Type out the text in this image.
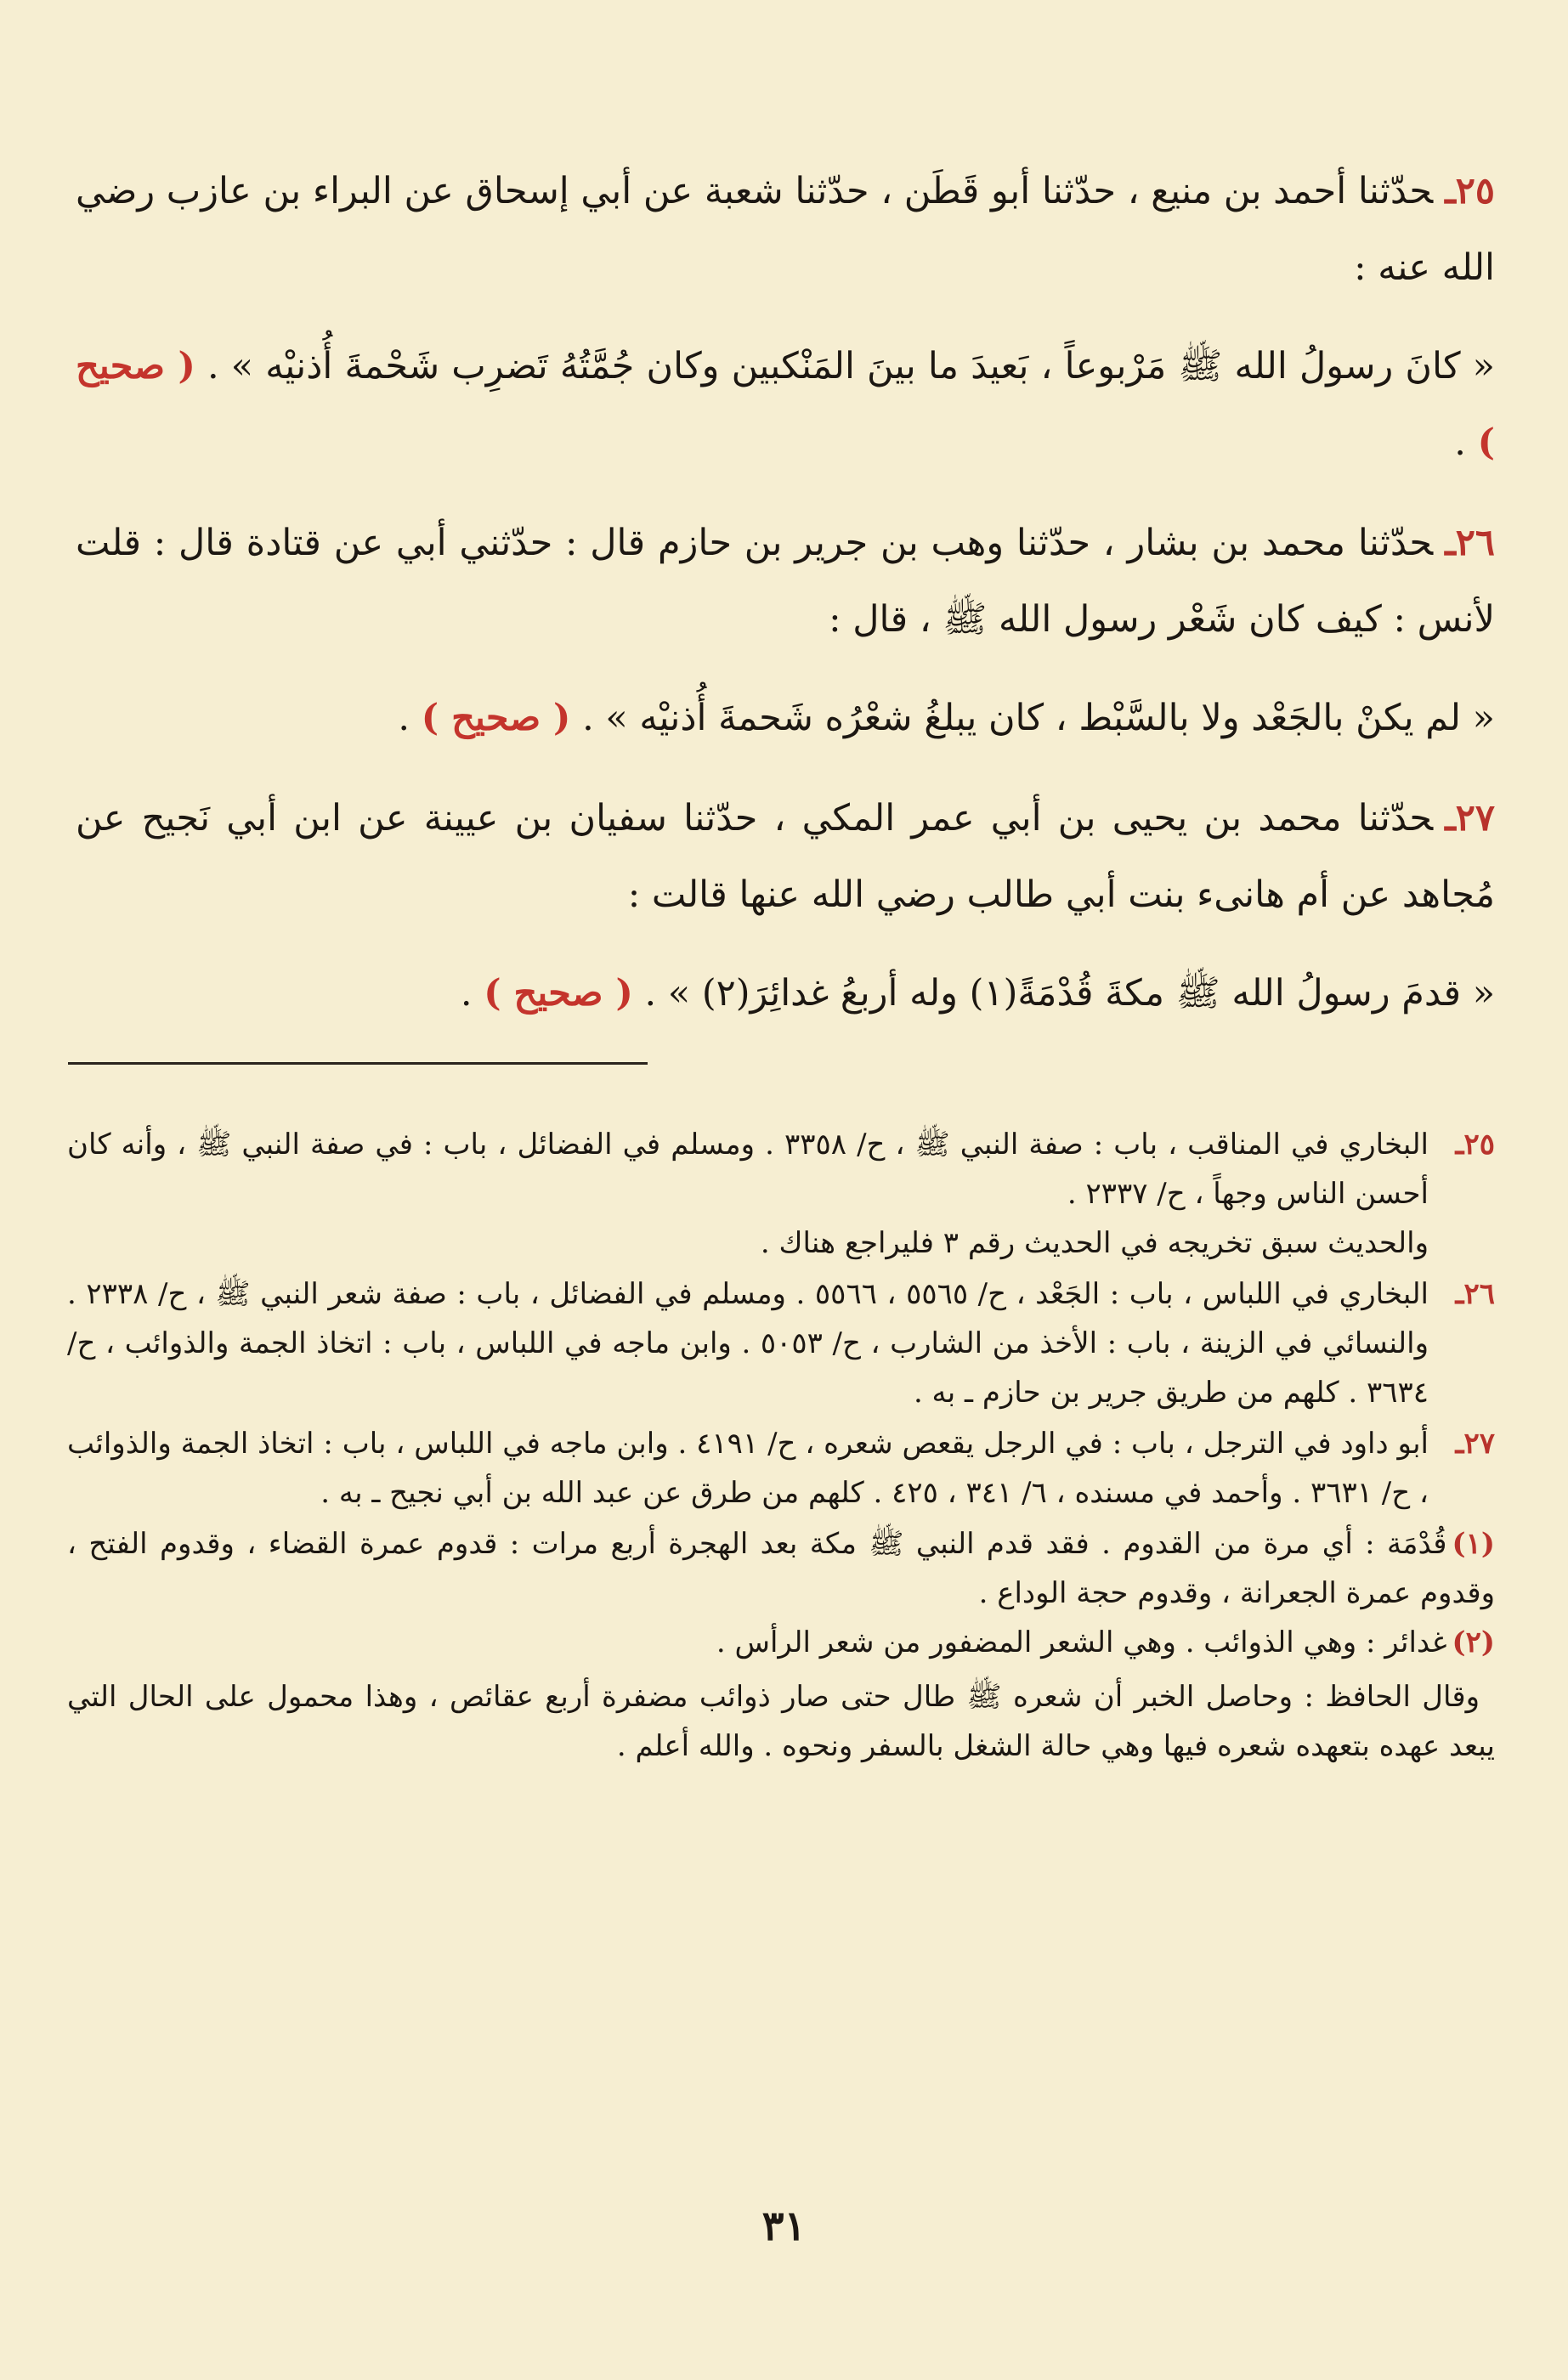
٢٥ـحدّثنا أحمد بن منيع ، حدّثنا أبو قَطَن ، حدّثنا شعبة عن أبي إسحاق عن البراء بن عازب رضي الله عنه :

« كانَ رسولُ الله ﷺ مَرْبوعاً ، بَعيدَ ما بينَ المَنْكبين وكان جُمَّتُهُ تَضرِب شَحْمةَ أُذنيْه » . ( صحيح ) .

٢٦ـحدّثنا محمد بن بشار ، حدّثنا وهب بن جرير بن حازم قال : حدّثني أبي عن قتادة قال : قلت لأنس : كيف كان شَعْر رسول الله ﷺ ، قال :

« لم يكنْ بالجَعْد ولا بالسَّبْط ، كان يبلغُ شعْرُه شَحمةَ أُذنيْه » . ( صحيح ) .

٢٧ـحدّثنا محمد بن يحيى بن أبي عمر المكي ، حدّثنا سفيان بن عيينة عن ابن أبي نَجيح عن مُجاهد عن أم هانىء بنت أبي طالب رضي الله عنها قالت :

« قدمَ رسولُ الله ﷺ مكةَ قُدْمَةً(١) وله أربعُ غدائِرَ(٢) » . ( صحيح ) .

٢٥ـ

البخاري في المناقب ، باب : صفة النبي ﷺ ، ح/ ٣٣٥٨ . ومسلم في الفضائل ، باب : في صفة النبي ﷺ ، وأنه كان أحسن الناس وجهاً ، ح/ ٢٣٣٧ .

والحديث سبق تخريجه في الحديث رقم ٣ فليراجع هناك .

٢٦ـ

البخاري في اللباس ، باب : الجَعْد ، ح/ ٥٥٦٥ ، ٥٥٦٦ . ومسلم في الفضائل ، باب : صفة شعر النبي ﷺ ، ح/ ٢٣٣٨ . والنسائي في الزينة ، باب : الأخذ من الشارب ، ح/ ٥٠٥٣ . وابن ماجه في اللباس ، باب : اتخاذ الجمة والذوائب ، ح/ ٣٦٣٤ . كلهم من طريق جرير بن حازم ـ به .

٢٧ـ

أبو داود في الترجل ، باب : في الرجل يقعص شعره ، ح/ ٤١٩١ . وابن ماجه في اللباس ، باب : اتخاذ الجمة والذوائب ، ح/ ٣٦٣١ . وأحمد في مسنده ، ٦/ ٣٤١ ، ٤٢٥ . كلهم من طرق عن عبد الله بن أبي نجيح ـ به .

(١)قُدْمَة : أي مرة من القدوم . فقد قدم النبي ﷺ مكة بعد الهجرة أربع مرات : قدوم عمرة القضاء ، وقدوم الفتح ، وقدوم عمرة الجعرانة ، وقدوم حجة الوداع .

(٢)غدائر : وهي الذوائب . وهي الشعر المضفور من شعر الرأس .

وقال الحافظ : وحاصل الخبر أن شعره ﷺ طال حتى صار ذوائب مضفرة أربع عقائص ، وهذا محمول على الحال التي يبعد عهده بتعهده شعره فيها وهي حالة الشغل بالسفر ونحوه . والله أعلم .

٣١
